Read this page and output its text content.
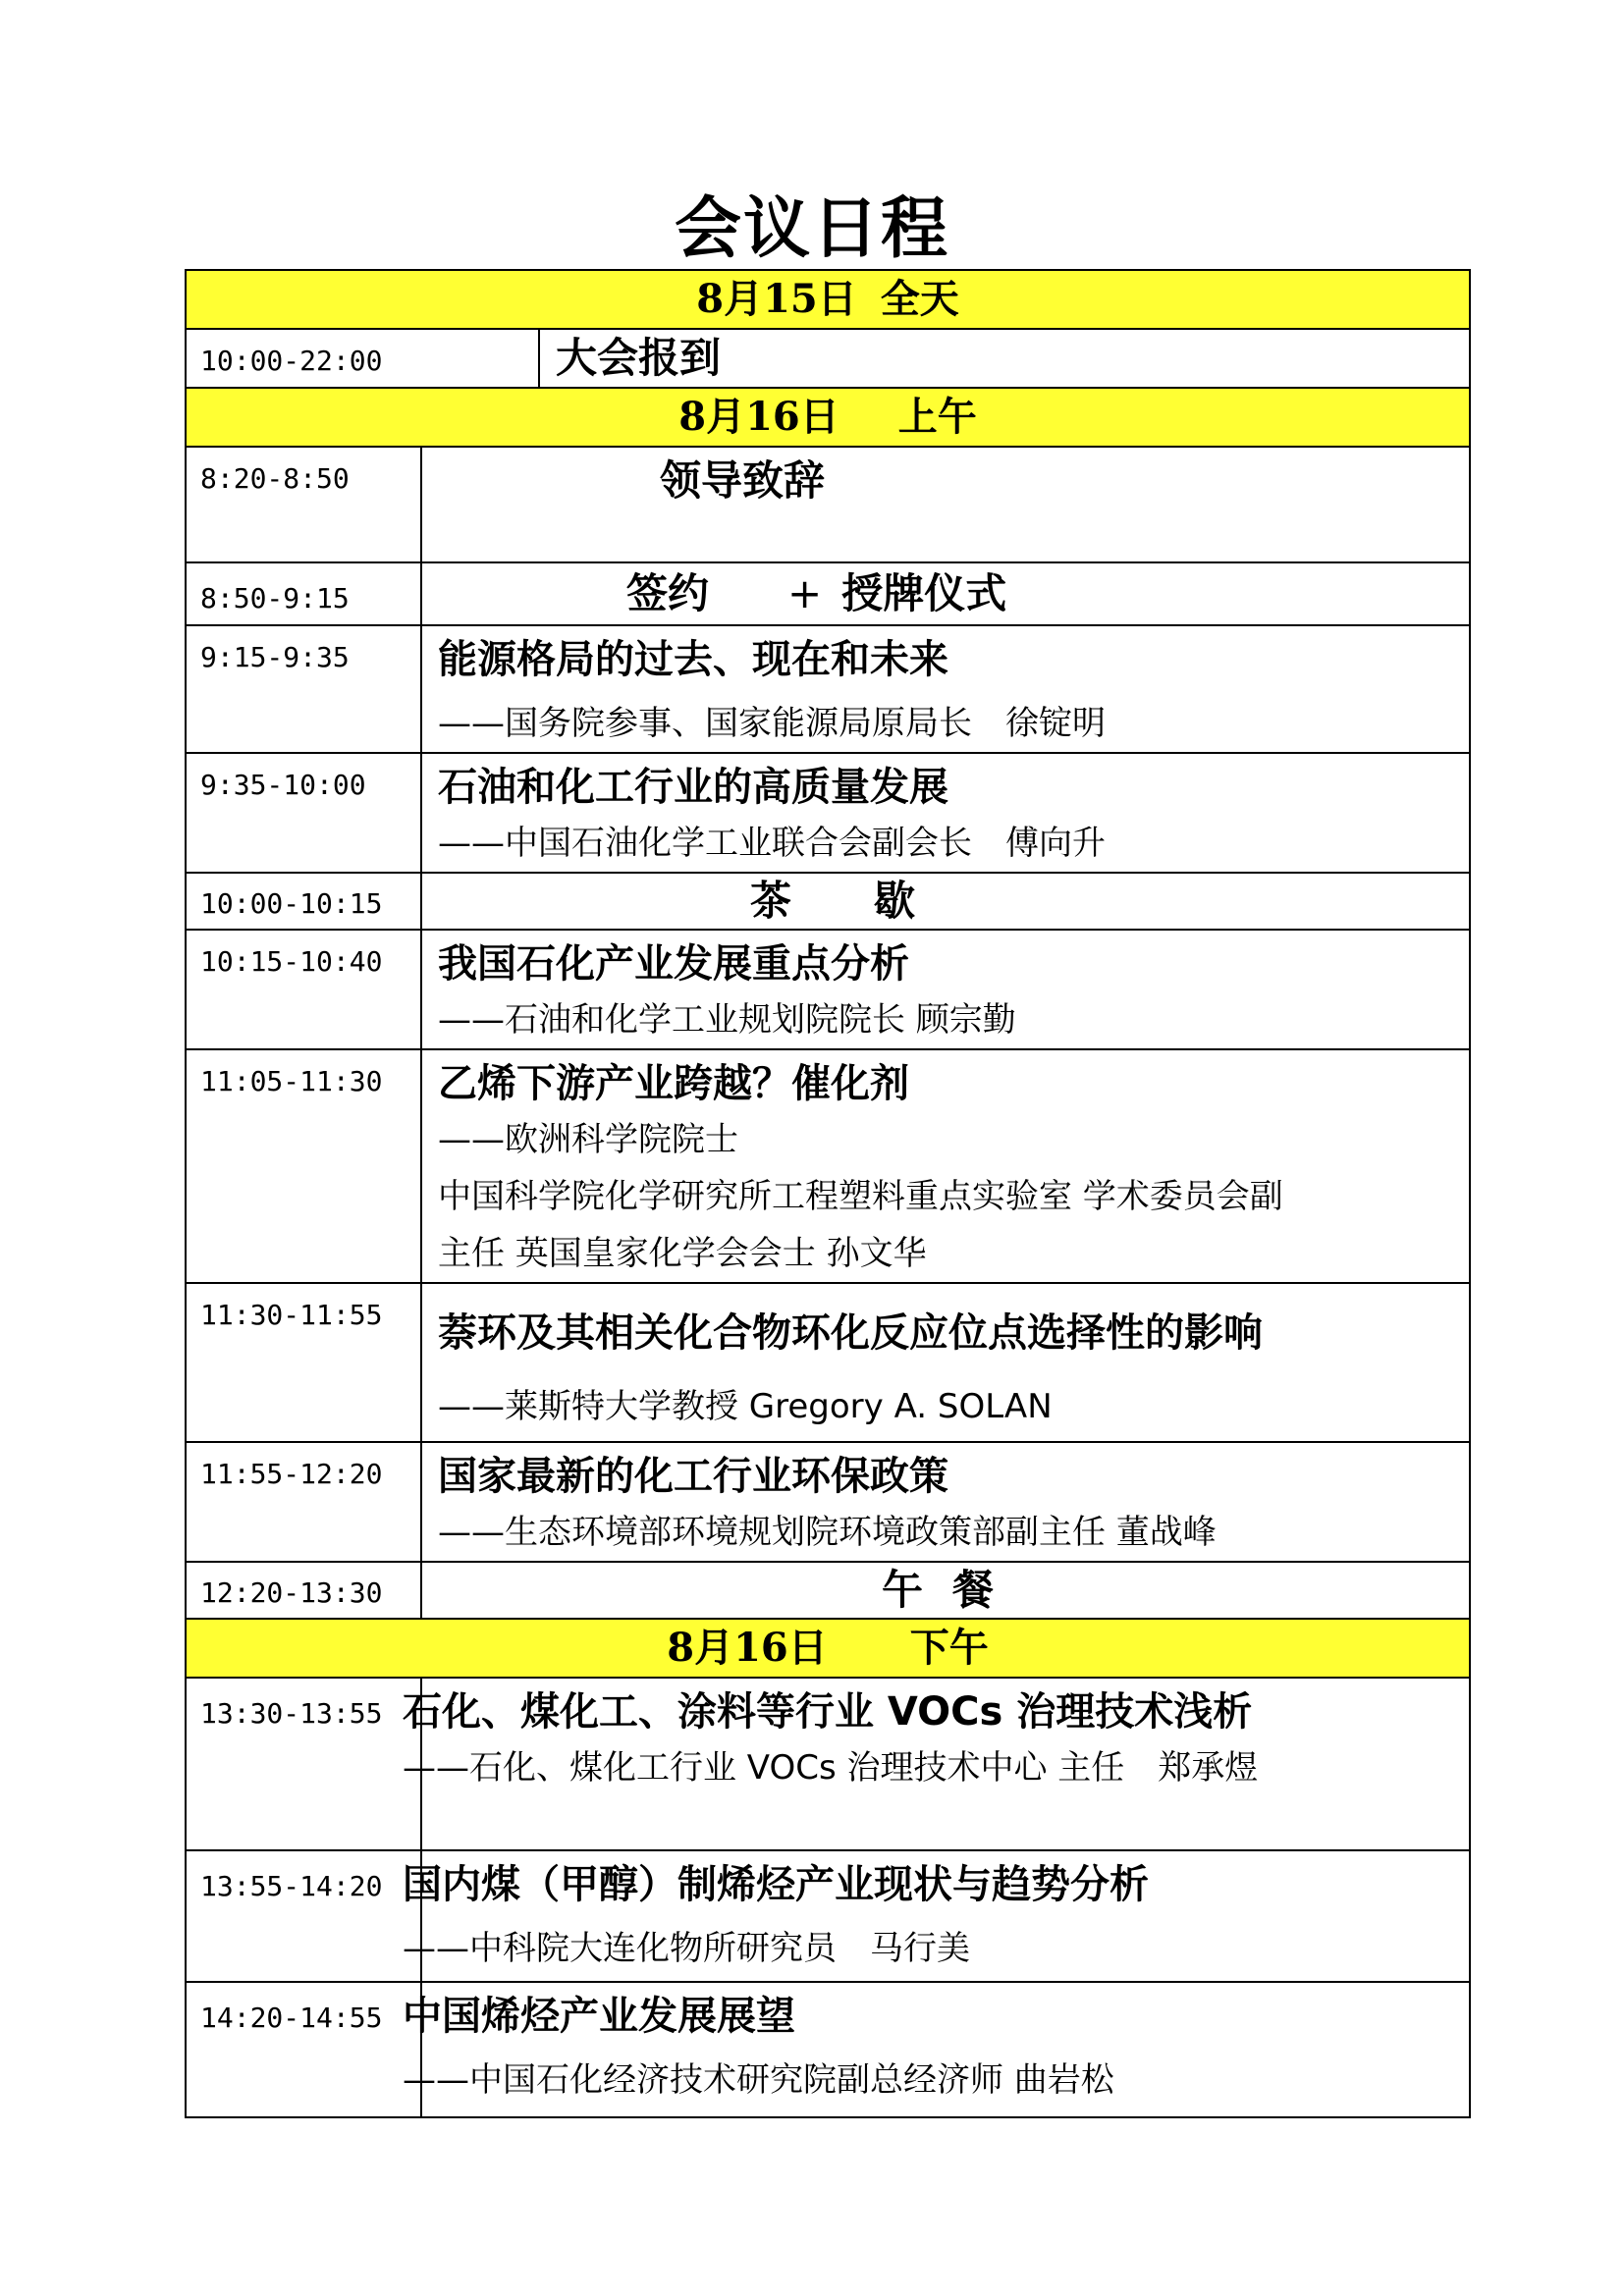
会议日程
8月15日 全天		
10:00-22:00		大会报到

8月16日 上午		
8:20-8:50	领导致辞	

8:50-9:15	签约 + 授牌仪式	

9:15-9:35	能源格局的过去、现在和未来
——国务院参事、国家能源局原局长　徐锭明	

9:35-10:00	石油和化工行业的高质量发展
——中国石油化学工业联合会副会长　傅向升	

10:00-10:15	茶 歇	

10:15-10:40	我国石化产业发展重点分析
——石油和化学工业规划院院长 顾宗勤	

11:05-11:30	乙烯下游产业跨越？催化剂
——欧洲科学院院士
中国科学院化学研究所工程塑料重点实验室 学术委员会副
主任 英国皇家化学会会士 孙文华	

11:30-11:55	萘环及其相关化合物环化反应位点选择性的影响
——莱斯特大学教授 Gregory A. SOLAN	

11:55-12:20	国家最新的化工行业环保政策
——生态环境部环境规划院环境政策部副主任 董战峰	

12:20-13:30	午 餐	

8月16日 下午		
13:30-13:55	石化、煤化工、涂料等行业 VOCs 治理技术浅析
——石化、煤化工行业 VOCs 治理技术中心 主任　郑承煜	

13:55-14:20	国内煤（甲醇）制烯烃产业现状与趋势分析
——中科院大连化物所研究员　马行美	

14:20-14:55	中国烯烃产业发展展望
——中国石化经济技术研究院副总经济师 曲岩松	
